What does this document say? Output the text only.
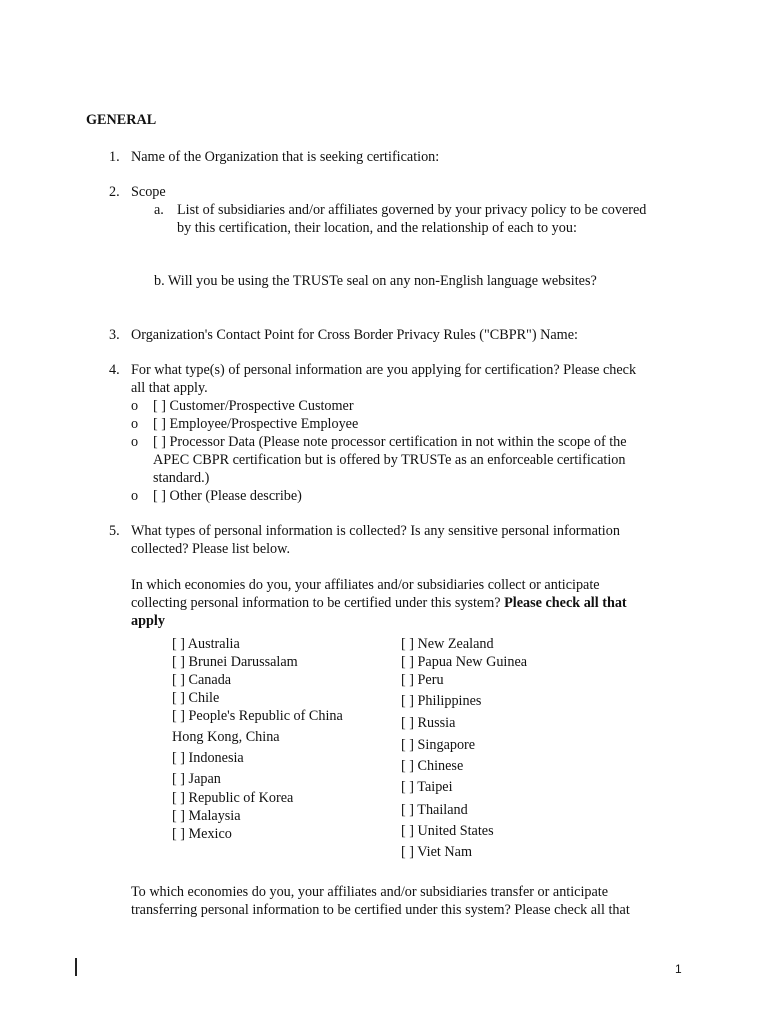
GENERAL
1. Name of the Organization that is seeking certification:
2. Scope
a. List of subsidiaries and/or affiliates governed by your privacy policy to be covered
by this certification, their location, and the relationship of each to you:
b. Will you be using the TRUSTe seal on any non-English language websites?
3. Organization's Contact Point for Cross Border Privacy Rules ("CBPR") Name:
4. For what type(s) of personal information are you applying for certification? Please check
all that apply.
o [ ] Customer/Prospective Customer
o [ ] Employee/Prospective Employee
o [ ] Processor Data (Please note processor certification in not within the scope of the
APEC CBPR certification but is offered by TRUSTe as an enforceable certification
standard.)
o [ ] Other (Please describe)
5. What types of personal information is collected? Is any sensitive personal information
collected? Please list below.
In which economies do you, your affiliates and/or subsidiaries collect or anticipate
collecting personal information to be certified under this system? Please check all that
apply
[ ] Australia
[ ] Brunei Darussalam
[ ] Canada
[ ] Chile
[ ] People's Republic of China
Hong Kong, China
[ ] Indonesia
[ ] Japan
[ ] Republic of Korea
[ ] Malaysia
[ ] Mexico
[ ] New Zealand
[ ] Papua New Guinea
[ ] Peru
[ ] Philippines
[ ] Russia
[ ] Singapore
[ ] Chinese
[ ] Taipei
[ ] Thailand
[ ] United States
[ ] Viet Nam
To which economies do you, your affiliates and/or subsidiaries transfer or anticipate
transferring personal information to be certified under this system? Please check all that
1
